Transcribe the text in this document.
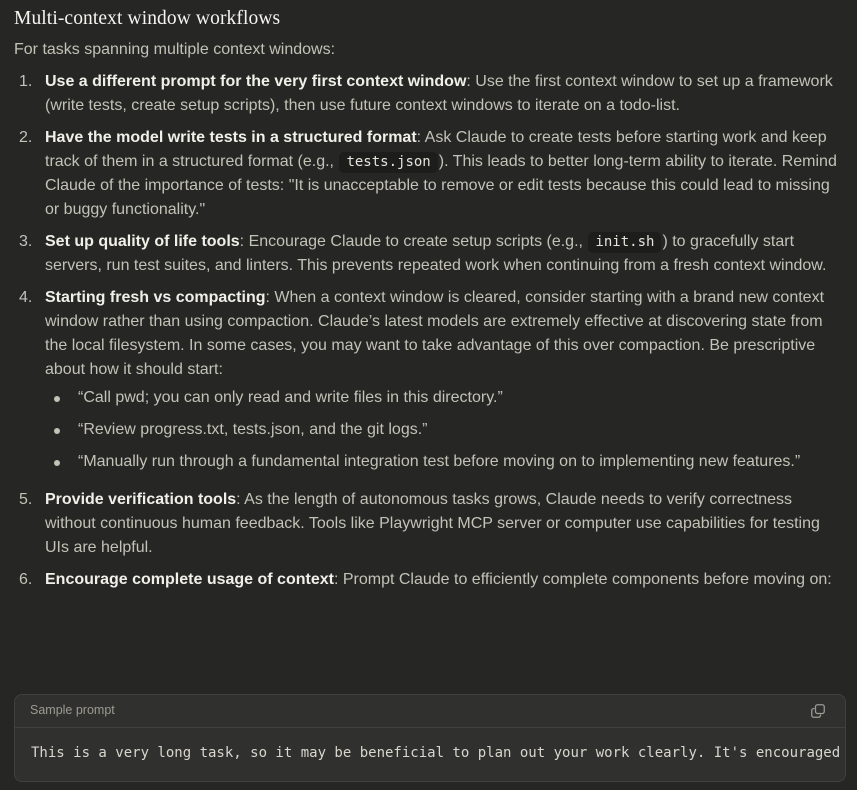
Multi-context window workflows

For tasks spanning multiple context windows:

1. Use a different prompt for the very first context window: Use the first context window to set up a framework (write tests, create setup scripts), then use future context windows to iterate on a todo-list.
2. Have the model write tests in a structured format: Ask Claude to create tests before starting work and keep track of them in a structured format (e.g., tests.json ). This leads to better long-term ability to iterate. Remind Claude of the importance of tests: "It is unacceptable to remove or edit tests because this could lead to missing or buggy functionality."
3. Set up quality of life tools: Encourage Claude to create setup scripts (e.g., init.sh ) to gracefully start servers, run test suites, and linters. This prevents repeated work when continuing from a fresh context window.
4. Starting fresh vs compacting: When a context window is cleared, consider starting with a brand new context window rather than using compaction. Claude’s latest models are extremely effective at discovering state from the local filesystem. In some cases, you may want to take advantage of this over compaction. Be prescriptive about how it should start:
“Call pwd; you can only read and write files in this directory.”
“Review progress.txt, tests.json, and the git logs.”
“Manually run through a fundamental integration test before moving on to implementing new features.”
5. Provide verification tools: As the length of autonomous tasks grows, Claude needs to verify correctness without continuous human feedback. Tools like Playwright MCP server or computer use capabilities for testing UIs are helpful.
6. Encourage complete usage of context: Prompt Claude to efficiently complete components before moving on:
Sample prompt
This is a very long task, so it may be beneficial to plan out your work clearly. It's encouraged
